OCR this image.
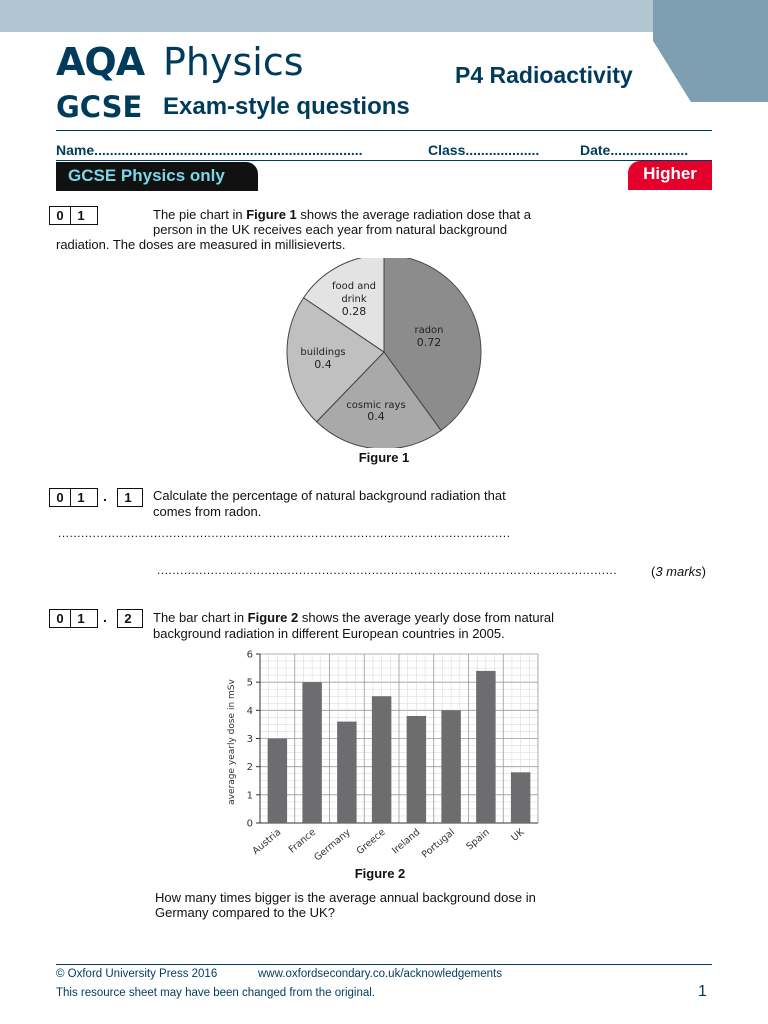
AQA Physics
GCSE Exam-style questions
P4 Radioactivity
Name.....................................................................	Class...................	Date....................
GCSE Physics only	Higher
0	1	The pie chart in Figure 1 shows the average radiation dose that a
person in the UK receives each year from natural background
radiation. The doses are measured in millisieverts.
radon
0.72
cosmic rays
0.4
buildings
0.4
food and
drink
0.28
Figure 1
0	1	.	1	Calculate the percentage of natural background radiation that
comes from radon.
......................................................................................................................
........................................................................................................................	(3 marks)
0	1	.	2	The bar chart in Figure 2 shows the average yearly dose from natural
background radiation in different European countries in 2005.
0
1
2
3
4
5
6
Austria France
Germany Greece Ireland
Portugal Spain UK
average yearly dose in mSv
Figure 2
How many times bigger is the average annual background dose in
Germany compared to the UK?
© Oxford University Press 2016	www.oxfordsecondary.co.uk/acknowledgements
This resource sheet may have been changed from the original.	1
